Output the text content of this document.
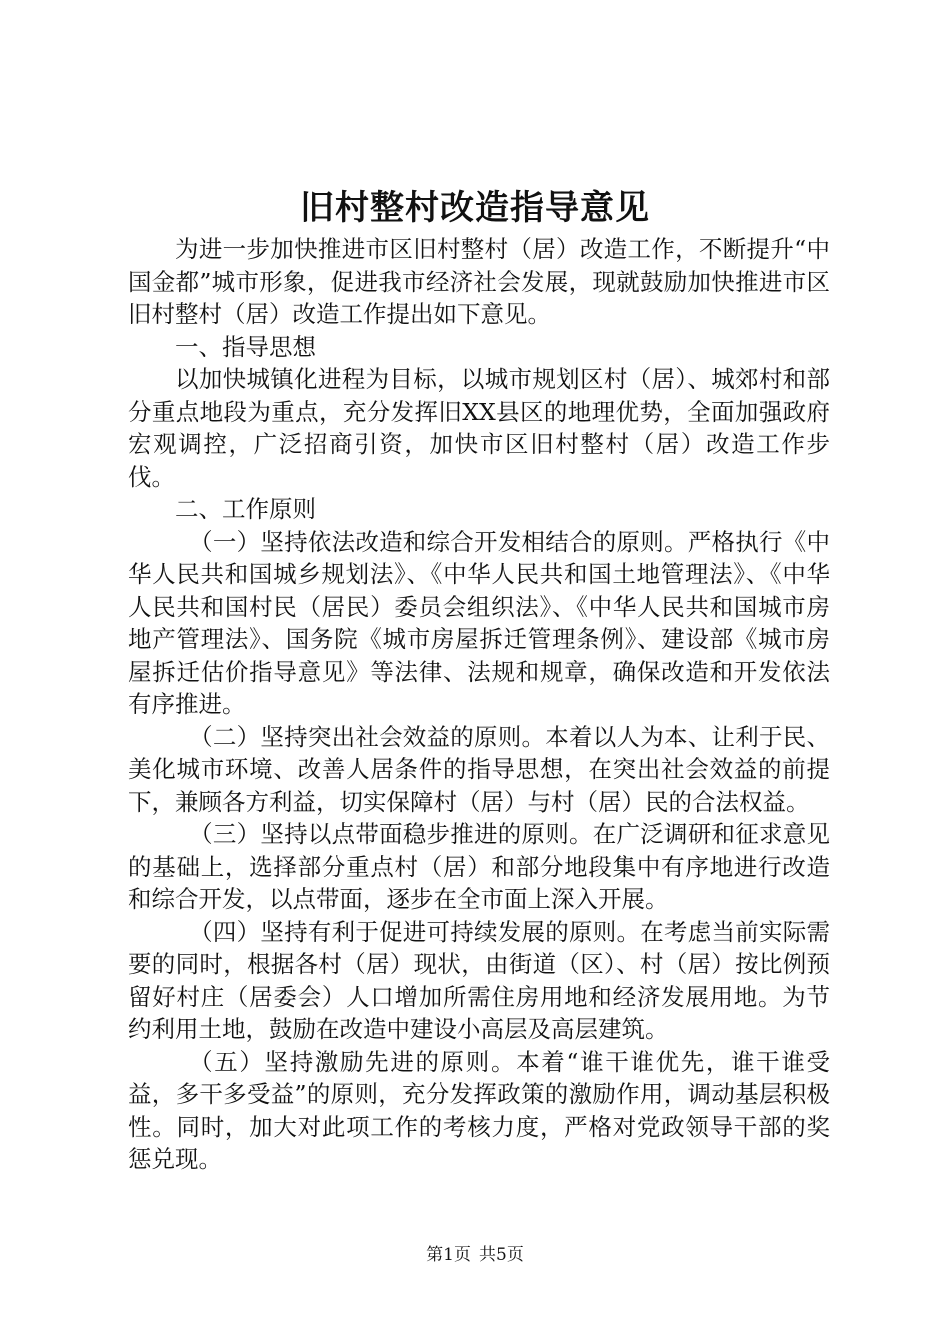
旧村整村改造指导意见

为进一步加快推进市区旧村整村（居）改造工作，不断提升“中国金都”城市形象，促进我市经济社会发展，现就鼓励加快推进市区旧村整村（居）改造工作提出如下意见。

一、指导思想

以加快城镇化进程为目标，以城市规划区村（居）、城郊村和部分重点地段为重点，充分发挥旧XX县区的地理优势，全面加强政府宏观调控，广泛招商引资，加快市区旧村整村（居）改造工作步伐。

二、工作原则

（一）坚持依法改造和综合开发相结合的原则。严格执行《中华人民共和国城乡规划法》、《中华人民共和国土地管理法》、《中华人民共和国村民（居民）委员会组织法》、《中华人民共和国城市房地产管理法》、国务院《城市房屋拆迁管理条例》、建设部《城市房屋拆迁估价指导意见》等法律、法规和规章，确保改造和开发依法有序推进。

（二）坚持突出社会效益的原则。本着以人为本、让利于民、美化城市环境、改善人居条件的指导思想，在突出社会效益的前提下，兼顾各方利益，切实保障村（居）与村（居）民的合法权益。

（三）坚持以点带面稳步推进的原则。在广泛调研和征求意见的基础上，选择部分重点村（居）和部分地段集中有序地进行改造和综合开发，以点带面，逐步在全市面上深入开展。

（四）坚持有利于促进可持续发展的原则。在考虑当前实际需要的同时，根据各村（居）现状，由街道（区）、村（居）按比例预留好村庄（居委会）人口增加所需住房用地和经济发展用地。为节约利用土地，鼓励在改造中建设小高层及高层建筑。

（五）坚持激励先进的原则。本着“谁干谁优先，谁干谁受益，多干多受益”的原则，充分发挥政策的激励作用，调动基层积极性。同时，加大对此项工作的考核力度，严格对党政领导干部的奖惩兑现。

第1页 共5页
